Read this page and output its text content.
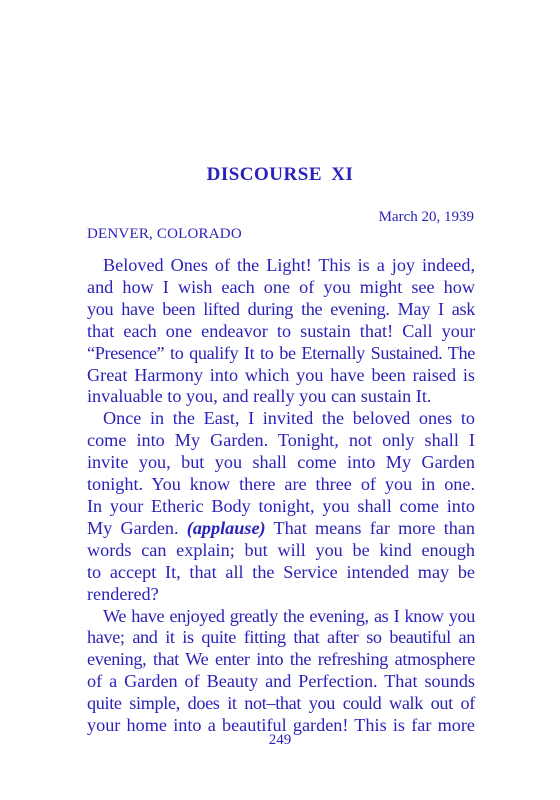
DISCOURSE XI
March 20, 1939
DENVER, COLORADO
Beloved Ones of the Light! This is a joy indeed,
and how I wish each one of you might see how
you have been lifted during the evening. May I ask
that each one endeavor to sustain that! Call your
“Presence” to qualify It to be Eternally Sustained. The
Great Harmony into which you have been raised is
invaluable to you, and really you can sustain It.
Once in the East, I invited the beloved ones to
come into My Garden. Tonight, not only shall I
invite you, but you shall come into My Garden
tonight. You know there are three of you in one.
In your Etheric Body tonight, you shall come into
My Garden. (applause) That means far more than
words can explain; but will you be kind enough
to accept It, that all the Service intended may be
rendered?
We have enjoyed greatly the evening, as I know you
have; and it is quite fitting that after so beautiful an
evening, that We enter into the refreshing atmosphere
of a Garden of Beauty and Perfection. That sounds
quite simple, does it not–that you could walk out of
your home into a beautiful garden! This is far more
249
